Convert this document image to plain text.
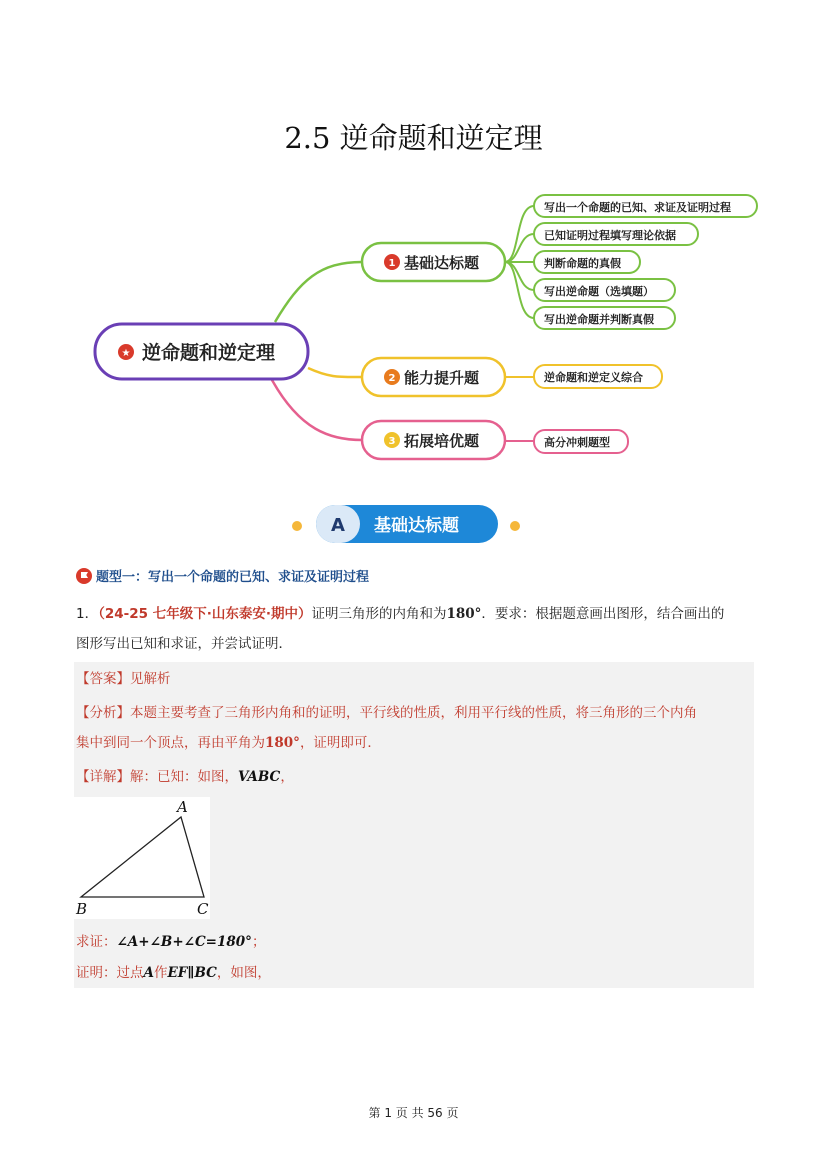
2.5 逆命题和逆定理
★ 逆命题和逆定理
1 基础达标题
2 能力提升题
3 拓展培优题
写出一个命题的已知、求证及证明过程
已知证明过程填写理论依据
判断命题的真假
写出逆命题（选填题）
写出逆命题并判断真假
逆命题和逆定义综合
高分冲刺题型
A 基础达标题
题型一：写出一个命题的已知、求证及证明过程
1．（24-25 七年级下·山东泰安·期中）证明三角形的内角和为180°．要求：根据题意画出图形，结合画出的
图形写出已知和求证，并尝试证明．
【答案】见解析
【分析】本题主要考查了三角形内角和的证明，平行线的性质，利用平行线的性质，将三角形的三个内角
集中到同一个顶点，再由平角为180°，证明即可．
【详解】解：已知：如图，VABC，
A
B	C
求证：∠A+∠B+∠C=180°；
证明：过点A作EF∥BC，如图，
第 1 页 共 56 页
